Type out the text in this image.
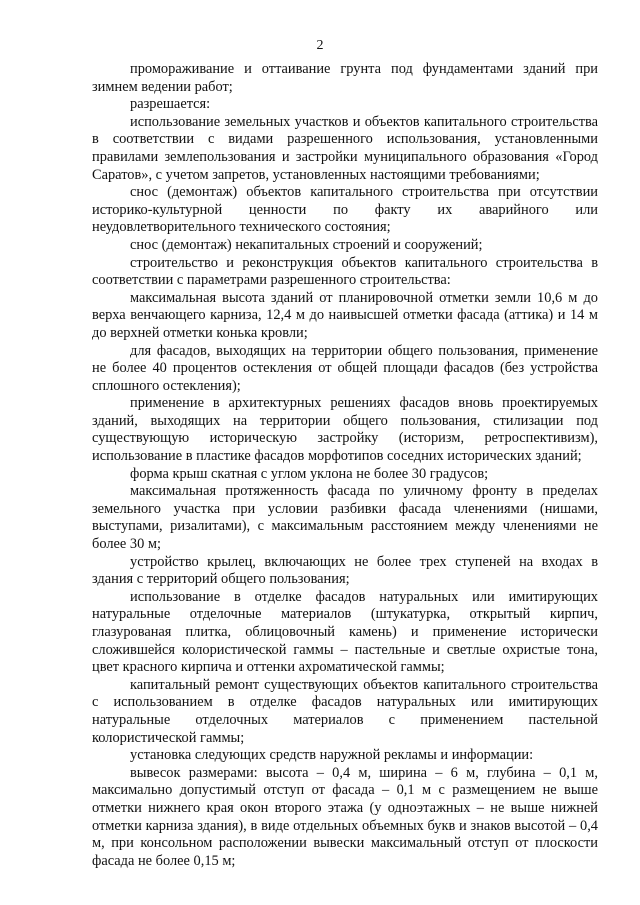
2

промораживание и оттаивание грунта под фундаментами зданий при зимнем ведении работ;

разрешается:

использование земельных участков и объектов капитального строительства в соответствии с видами разрешенного использования, установленными правилами землепользования и застройки муниципального образования «Город Саратов», с учетом запретов, установленных настоящими требованиями;

снос (демонтаж) объектов капитального строительства при отсутствии историко-культурной ценности по факту их аварийного или неудовлетворительного технического состояния;

снос (демонтаж) некапитальных строений и сооружений;

строительство и реконструкция объектов капитального строительства в соответствии с параметрами разрешенного строительства:

максимальная высота зданий от планировочной отметки земли 10,6 м до верха венчающего карниза, 12,4 м до наивысшей отметки фасада (аттика) и 14 м до верхней отметки конька кровли;

для фасадов, выходящих на территории общего пользования, применение не более 40 процентов остекления от общей площади фасадов (без устройства сплошного остекления);

применение в архитектурных решениях фасадов вновь проектируемых зданий, выходящих на территории общего пользования, стилизации под существующую историческую застройку (историзм, ретроспективизм), использование в пластике фасадов морфотипов соседних исторических зданий;

форма крыш скатная с углом уклона не более 30 градусов;

максимальная протяженность фасада по уличному фронту в пределах земельного участка при условии разбивки фасада членениями (нишами, выступами, ризалитами), с максимальным расстоянием между членениями не более 30 м;

устройство крылец, включающих не более трех ступеней на входах в здания с территорий общего пользования;

использование в отделке фасадов натуральных или имитирующих натуральные отделочные материалов (штукатурка, открытый кирпич, глазурованая плитка, облицовочный камень) и применение исторически сложившейся колористической гаммы – пастельные и светлые охристые тона, цвет красного кирпича и оттенки ахроматической гаммы;

капитальный ремонт существующих объектов капитального строительства с использованием в отделке фасадов натуральных или имитирующих натуральные отделочных материалов с применением пастельной колористической гаммы;

установка следующих средств наружной рекламы и информации:

вывесок размерами: высота – 0,4 м, ширина – 6 м, глубина – 0,1 м, максимально допустимый отступ от фасада – 0,1 м с размещением не выше отметки нижнего края окон второго этажа (у одноэтажных – не выше нижней отметки карниза здания), в виде отдельных объемных букв и знаков высотой – 0,4 м, при консольном расположении вывески максимальный отступ от плоскости фасада не более 0,15 м;
